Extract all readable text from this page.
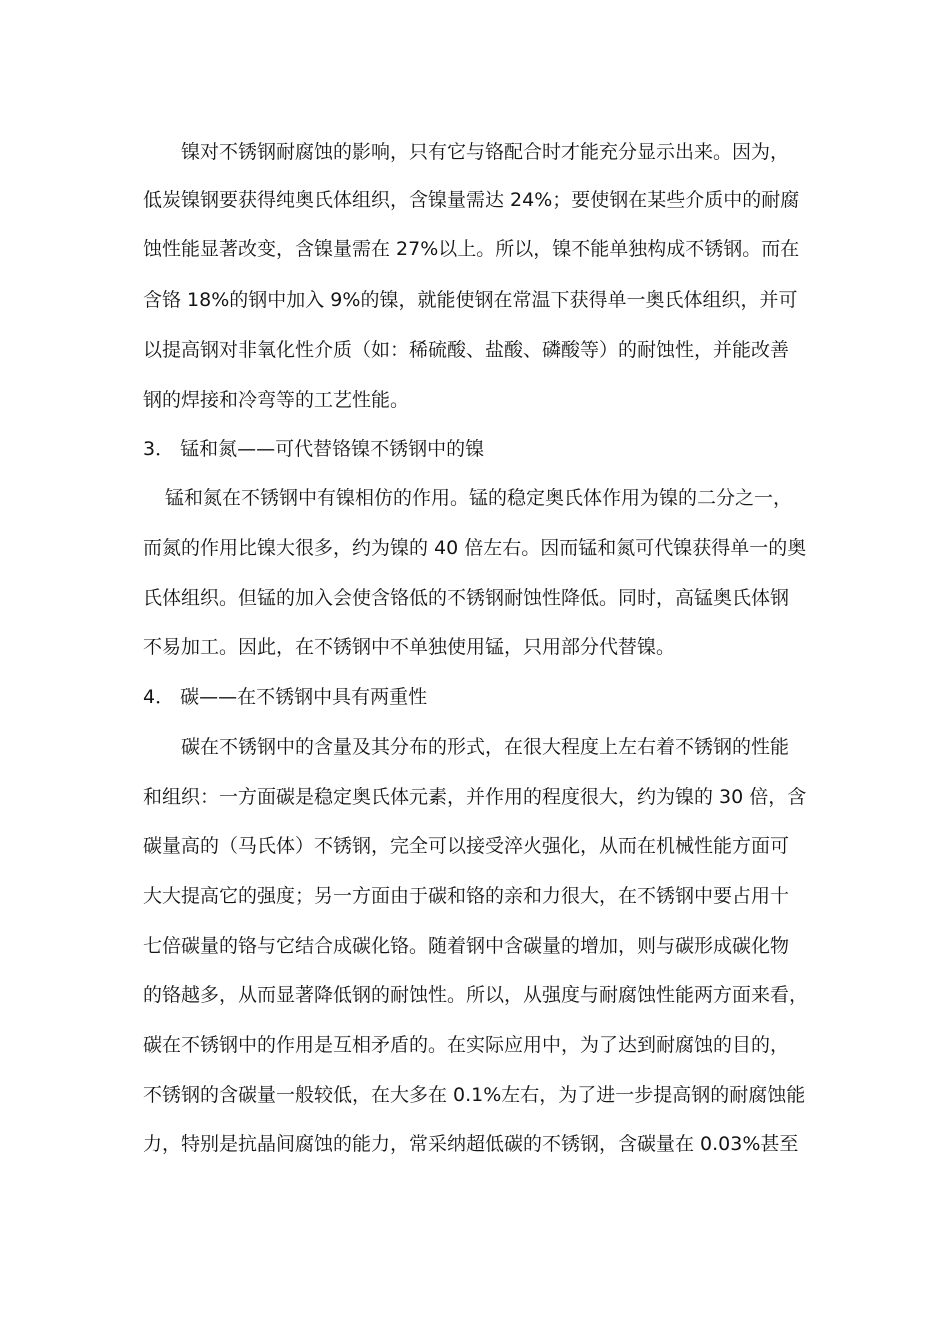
镍对不锈钢耐腐蚀的影响，只有它与铬配合时才能充分显示出来。因为，
低炭镍钢要获得纯奥氏体组织，含镍量需达 24%；要使钢在某些介质中的耐腐
蚀性能显著改变，含镍量需在 27%以上。所以，镍不能单独构成不锈钢。而在
含铬 18%的钢中加入 9%的镍，就能使钢在常温下获得单一奥氏体组织，并可
以提高钢对非氧化性介质（如：稀硫酸、盐酸、磷酸等）的耐蚀性，并能改善
钢的焊接和冷弯等的工艺性能。
3． 锰和氮——可代替铬镍不锈钢中的镍
锰和氮在不锈钢中有镍相仿的作用。锰的稳定奥氏体作用为镍的二分之一，
而氮的作用比镍大很多，约为镍的 40 倍左右。因而锰和氮可代镍获得单一的奥
氏体组织。但锰的加入会使含铬低的不锈钢耐蚀性降低。同时，高锰奥氏体钢
不易加工。因此，在不锈钢中不单独使用锰，只用部分代替镍。
4． 碳——在不锈钢中具有两重性
碳在不锈钢中的含量及其分布的形式，在很大程度上左右着不锈钢的性能
和组织：一方面碳是稳定奥氏体元素，并作用的程度很大，约为镍的 30 倍，含
碳量高的（马氏体）不锈钢，完全可以接受淬火强化，从而在机械性能方面可
大大提高它的强度；另一方面由于碳和铬的亲和力很大，在不锈钢中要占用十
七倍碳量的铬与它结合成碳化铬。随着钢中含碳量的增加，则与碳形成碳化物
的铬越多，从而显著降低钢的耐蚀性。所以，从强度与耐腐蚀性能两方面来看，
碳在不锈钢中的作用是互相矛盾的。在实际应用中，为了达到耐腐蚀的目的，
不锈钢的含碳量一般较低，在大多在 0.1%左右，为了进一步提高钢的耐腐蚀能
力，特别是抗晶间腐蚀的能力，常采纳超低碳的不锈钢，含碳量在 0.03%甚至
